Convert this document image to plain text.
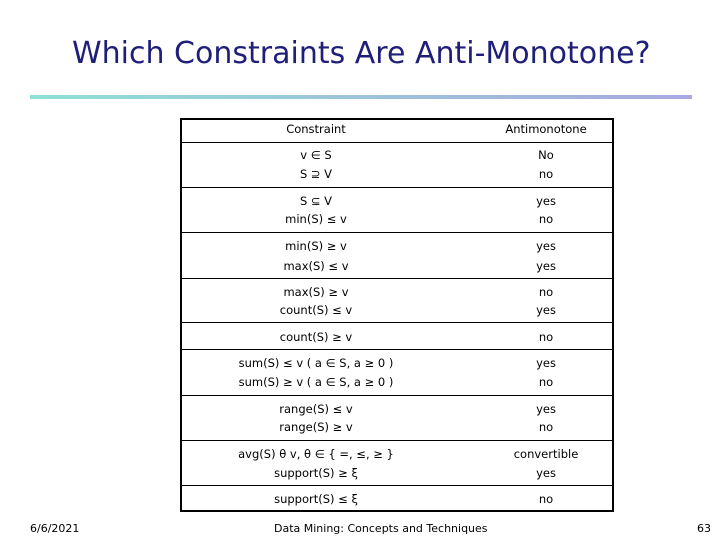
Which Constraints Are Anti-Monotone?
Constraint	Antimonotone
v ∈ S	No
S ⊇ V	no
S ⊆ V	yes
min(S) ≤ v	no
min(S) ≥ v	yes
max(S) ≤ v	yes
max(S) ≥ v	no
count(S) ≤ v	yes
count(S) ≥ v	no
sum(S) ≤ v ( a ∈ S, a ≥ 0 )	yes
sum(S) ≥ v ( a ∈ S, a ≥ 0 )	no
range(S) ≤ v	yes
range(S) ≥ v	no
avg(S) θ v, θ ∈ { =, ≤, ≥ }	convertible
support(S) ≥ ξ	yes
support(S) ≤ ξ	no
6/6/2021	Data Mining: Concepts and Techniques	63
